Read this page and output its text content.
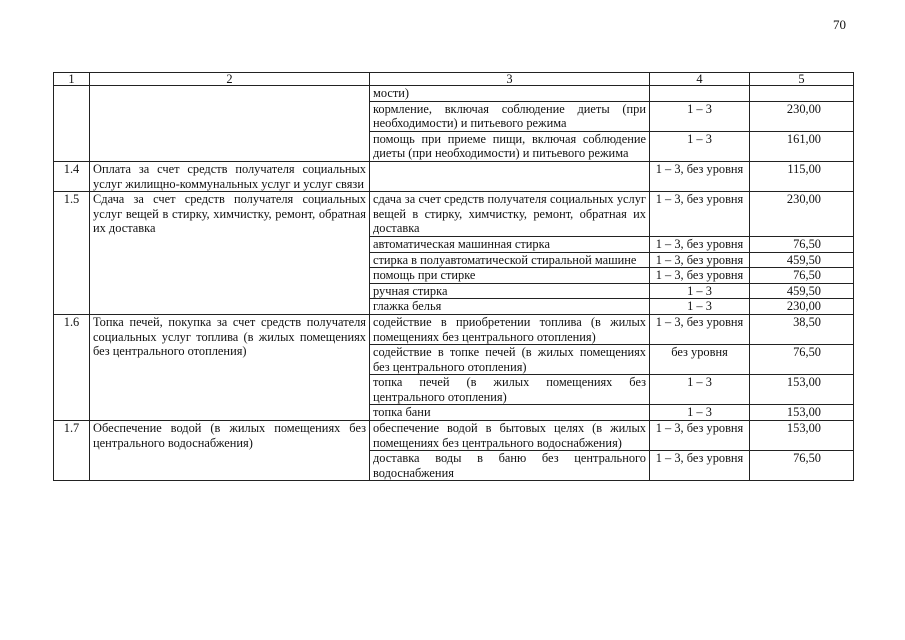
70
1	2	3	4	5
		мости)		
		кормление, включая соблюдение диеты (при необходимости) и питьевого режима	1 – 3	230,00
		помощь при приеме пищи, включая соблюдение диеты (при необходимости) и питьевого режима	1 – 3	161,00
1.4	Оплата за счет средств получателя социальных услуг жилищно-коммунальных услуг и услуг связи		1 – 3, без уровня	115,00
1.5	Сдача за счет средств получателя социальных услуг вещей в стирку, химчистку, ремонт, обратная их доставка	сдача за счет средств получателя социальных услуг вещей в стирку, химчистку, ремонт, обратная их доставка	1 – 3, без уровня	230,00
		автоматическая машинная стирка	1 – 3, без уровня	76,50
		стирка в полуавтоматической стиральной машине	1 – 3, без уровня	459,50
		помощь при стирке	1 – 3, без уровня	76,50
		ручная стирка	1 – 3	459,50
		глажка белья	1 – 3	230,00
1.6	Топка печей, покупка за счет средств получателя социальных услуг топлива (в жилых помещениях без центрального отопления)	содействие в приобретении топлива (в жилых помещениях без центрального отопления)	1 – 3, без уровня	38,50
		содействие в топке печей (в жилых помещениях без центрального отопления)	без уровня	76,50
		топка печей (в жилых помещениях без центрального отопления)	1 – 3	153,00
		топка бани	1 – 3	153,00
1.7	Обеспечение водой (в жилых помещениях без центрального водоснабжения)	обеспечение водой в бытовых целях (в жилых помещениях без центрального водоснабжения)	1 – 3, без уровня	153,00
		доставка воды в баню без центрального водоснабжения	1 – 3, без уровня	76,50
